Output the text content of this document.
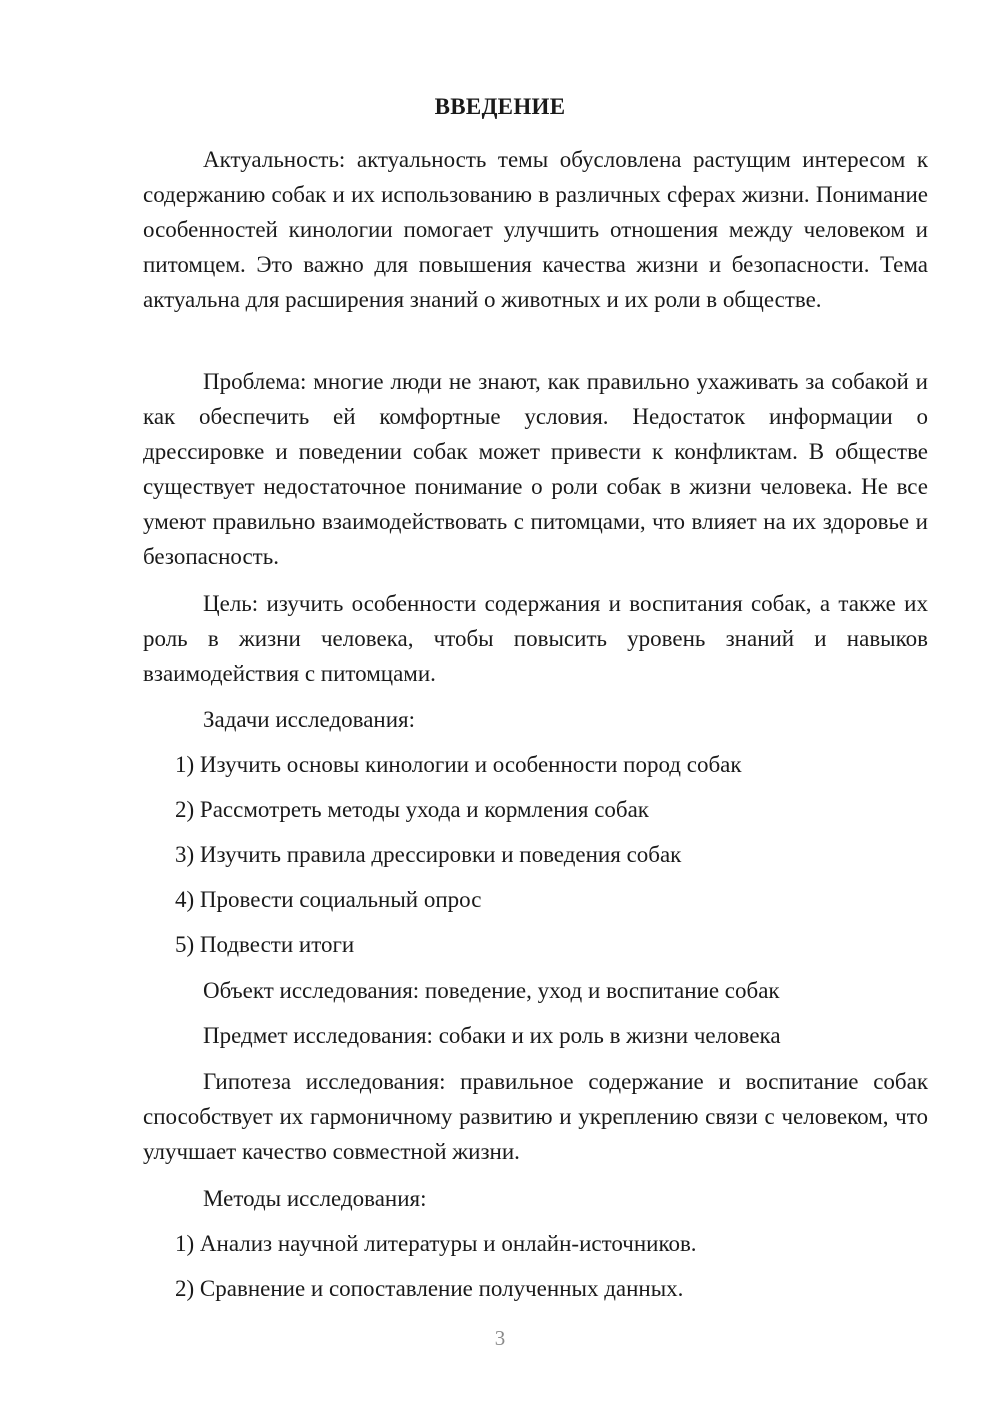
ВВЕДЕНИЕ

Актуальность: актуальность темы обусловлена растущим интересом к содержанию собак и их использованию в различных сферах жизни. Понимание особенностей кинологии помогает улучшить отношения между человеком и питомцем. Это важно для повышения качества жизни и безопасности. Тема актуальна для расширения знаний о животных и их роли в обществе.

Проблема: многие люди не знают, как правильно ухаживать за собакой и как обеспечить ей комфортные условия. Недостаток информации о дрессировке и поведении собак может привести к конфликтам. В обществе существует недостаточное понимание о роли собак в жизни человека. Не все умеют правильно взаимодействовать с питомцами, что влияет на их здоровье и безопасность.

Цель: изучить особенности содержания и воспитания собак, а также их роль в жизни человека, чтобы повысить уровень знаний и навыков взаимодействия с питомцами.

Задачи исследования:

1) Изучить основы кинологии и особенности пород собак

2) Рассмотреть методы ухода и кормления собак

3) Изучить правила дрессировки и поведения собак

4) Провести социальный опрос

5) Подвести итоги

Объект исследования: поведение, уход и воспитание собак

Предмет исследования: собаки и их роль в жизни человека

Гипотеза исследования: правильное содержание и воспитание собак способствует их гармоничному развитию и укреплению связи с человеком, что улучшает качество совместной жизни.

Методы исследования:

1) Анализ научной литературы и онлайн-источников.

2) Сравнение и сопоставление полученных данных.

3
